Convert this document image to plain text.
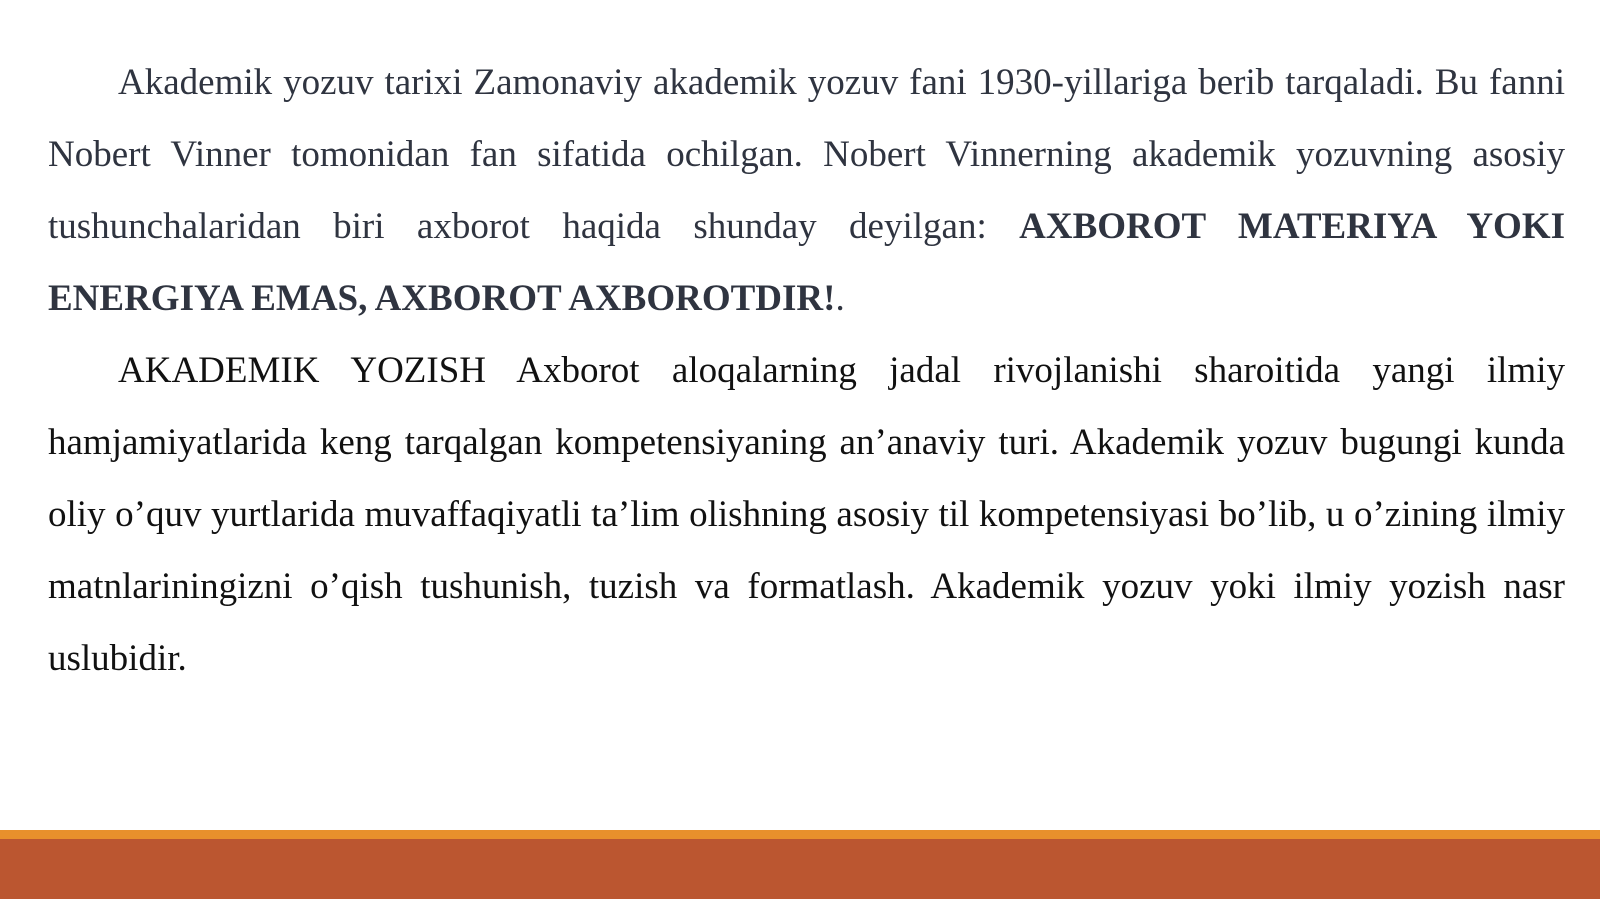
Akademik yozuv tarixi Zamonaviy akademik yozuv fani 1930-yillariga berib tarqaladi. Bu fanni Nobert Vinner tomonidan fan sifatida ochilgan. Nobert Vinnerning akademik yozuvning asosiy tushunchalaridan biri axborot haqida shunday deyilgan: AXBOROT MATERIYA YOKI ENERGIYA EMAS, AXBOROT AXBOROTDIR!.

AKADEMIK YOZISH Axborot aloqalarning jadal rivojlanishi sharoitida yangi ilmiy hamjamiyatlarida keng tarqalgan kompetensiyaning an’anaviy turi. Akademik yozuv bugungi kunda oliy o’quv yurtlarida muvaffaqiyatli ta’lim olishning asosiy til kompetensiyasi bo’lib, u o’zining ilmiy matnlariningizni o’qish tushunish, tuzish va formatlash. Akademik yozuv yoki ilmiy yozish nasr uslubidir.
